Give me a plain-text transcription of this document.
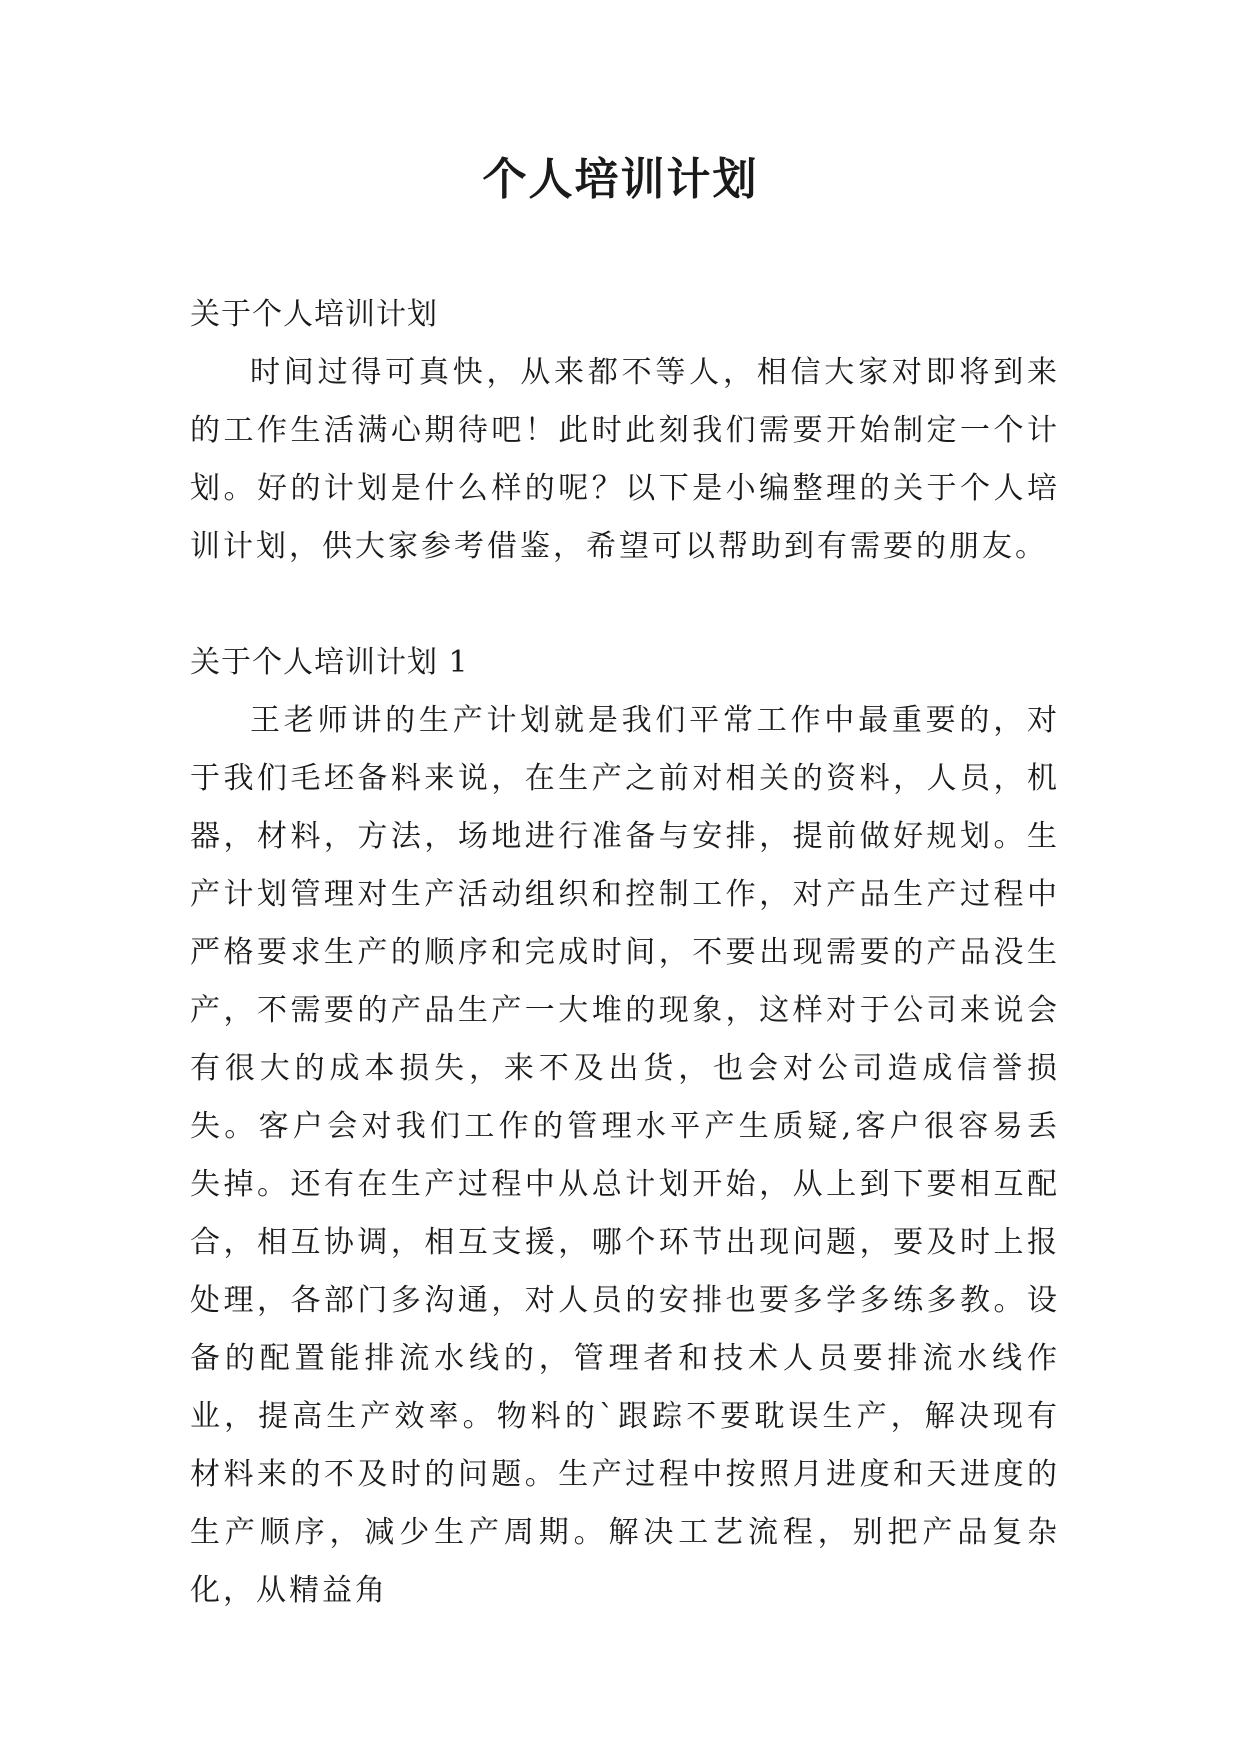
个人培训计划

关于个人培训计划

时间过得可真快，从来都不等人，相信大家对即将到来的工作生活满心期待吧！此时此刻我们需要开始制定一个计划。好的计划是什么样的呢？以下是小编整理的关于个人培训计划，供大家参考借鉴，希望可以帮助到有需要的朋友。

关于个人培训计划 1

王老师讲的生产计划就是我们平常工作中最重要的，对于我们毛坯备料来说，在生产之前对相关的资料，人员，机器，材料，方法，场地进行准备与安排，提前做好规划。生产计划管理对生产活动组织和控制工作，对产品生产过程中严格要求生产的顺序和完成时间，不要出现需要的产品没生产，不需要的产品生产一大堆的现象，这样对于公司来说会有很大的成本损失，来不及出货，也会对公司造成信誉损失。客户会对我们工作的管理水平产生质疑,客户很容易丢失掉。还有在生产过程中从总计划开始，从上到下要相互配合，相互协调，相互支援，哪个环节出现问题，要及时上报处理，各部门多沟通，对人员的安排也要多学多练多教。设备的配置能排流水线的，管理者和技术人员要排流水线作业，提高生产效率。物料的`跟踪不要耽误生产，解决现有材料来的不及时的问题。生产过程中按照月进度和天进度的生产顺序，减少生产周期。解决工艺流程，别把产品复杂化，从精益角
